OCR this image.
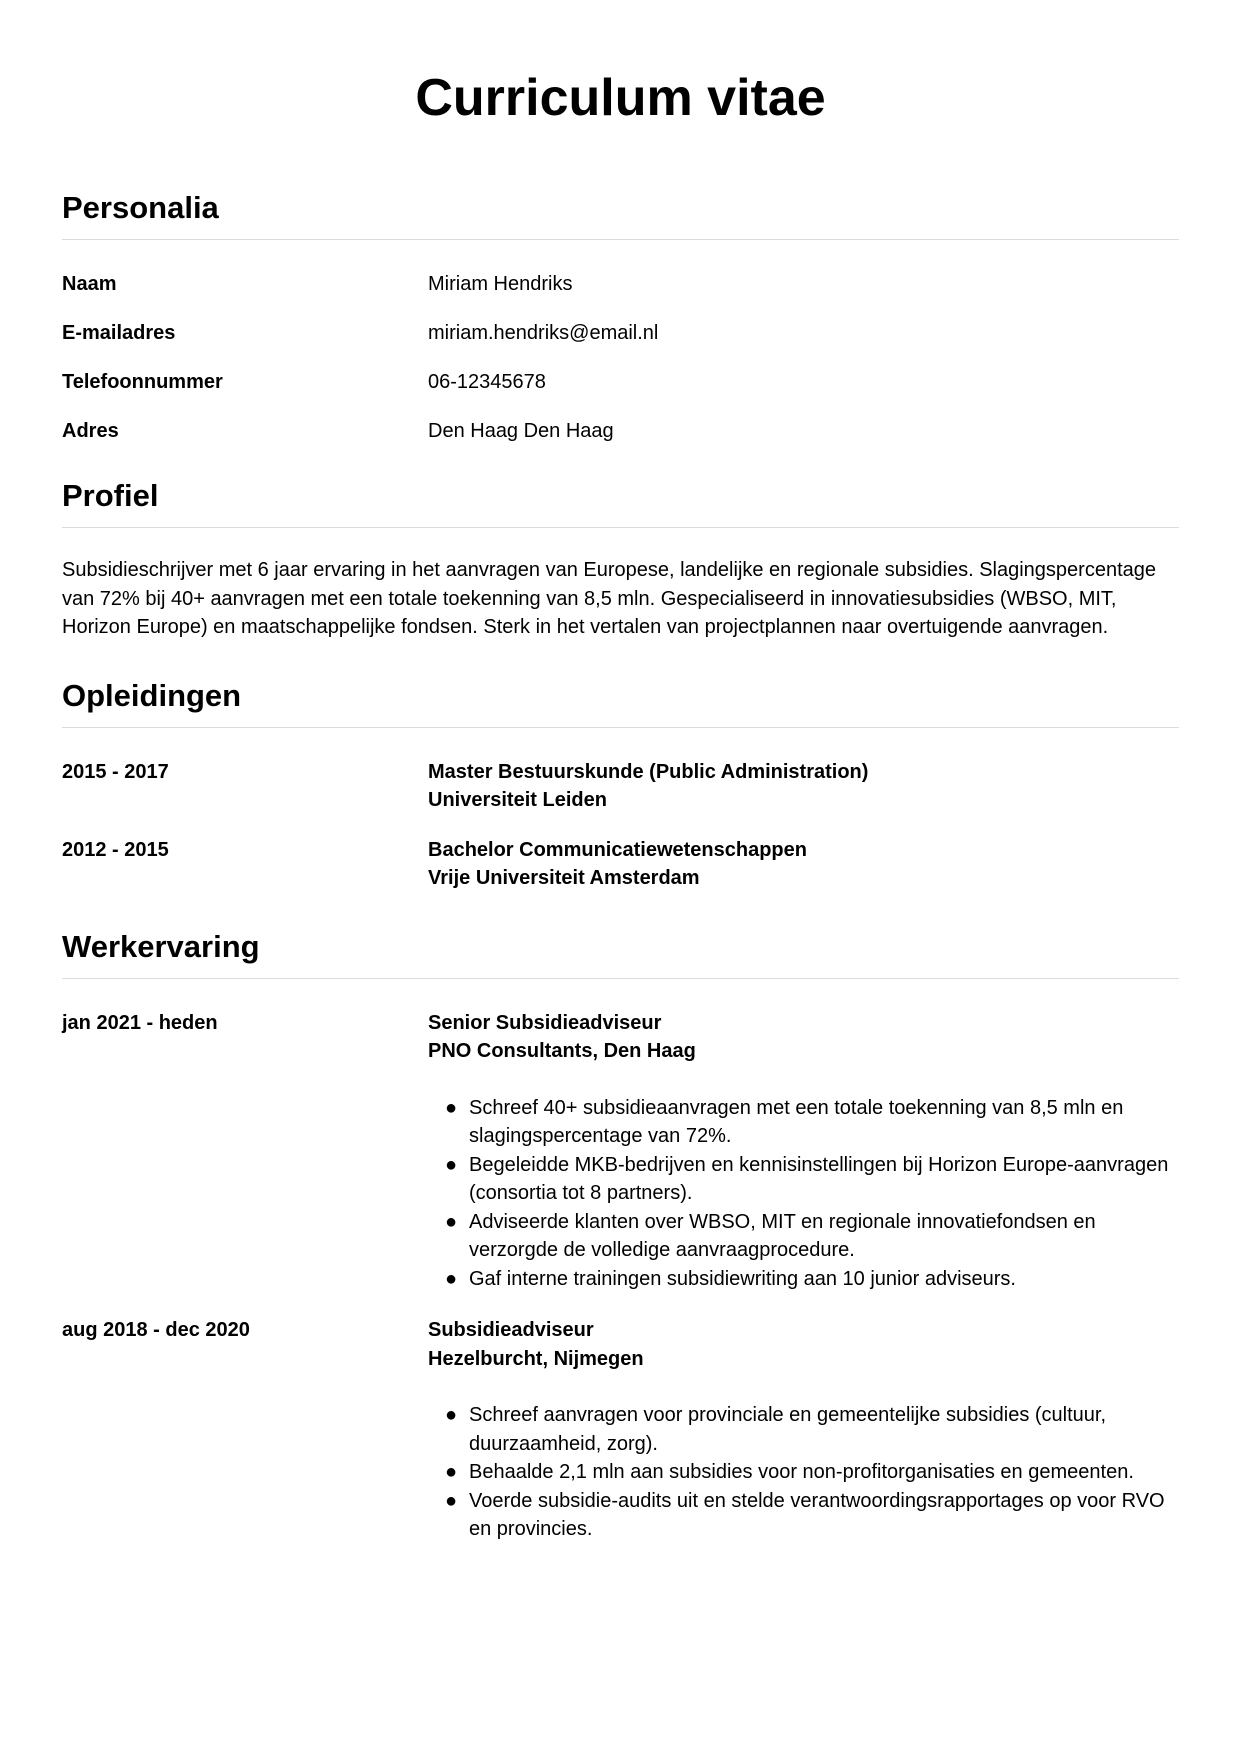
Curriculum vitae
Personalia
Naam	Miriam Hendriks
E-mailadres	miriam.hendriks@email.nl
Telefoonnummer	06-12345678
Adres	Den Haag Den Haag
Profiel

Subsidieschrijver met 6 jaar ervaring in het aanvragen van Europese, landelijke en regionale subsidies. Slagingspercentage van 72% bij 40+ aanvragen met een totale toekenning van 8,5 mln. Gespecialiseerd in innovatiesubsidies (WBSO, MIT, Horizon Europe) en maatschappelijke fondsen. Sterk in het vertalen van projectplannen naar overtuigende aanvragen.

Opleidingen
2015 - 2017	Master Bestuurskunde (Public Administration)
Universiteit Leiden
2012 - 2015	Bachelor Communicatiewetenschappen
Vrije Universiteit Amsterdam
Werkervaring
jan 2021 - heden	Senior Subsidieadviseur
PNO Consultants, Den Haag
● Schreef 40+ subsidieaanvragen met een totale toekenning van 8,5 mln en slagingspercentage van 72%.
● Begeleidde MKB-bedrijven en kennisinstellingen bij Horizon Europe-aanvragen (consortia tot 8 partners).
● Adviseerde klanten over WBSO, MIT en regionale innovatiefondsen en verzorgde de volledige aanvraagprocedure.
● Gaf interne trainingen subsidiewriting aan 10 junior adviseurs.
aug 2018 - dec 2020	Subsidieadviseur
Hezelburcht, Nijmegen
● Schreef aanvragen voor provinciale en gemeentelijke subsidies (cultuur, duurzaamheid, zorg).
● Behaalde 2,1 mln aan subsidies voor non-profitorganisaties en gemeenten.
● Voerde subsidie-audits uit en stelde verantwoordingsrapportages op voor RVO en provincies.
